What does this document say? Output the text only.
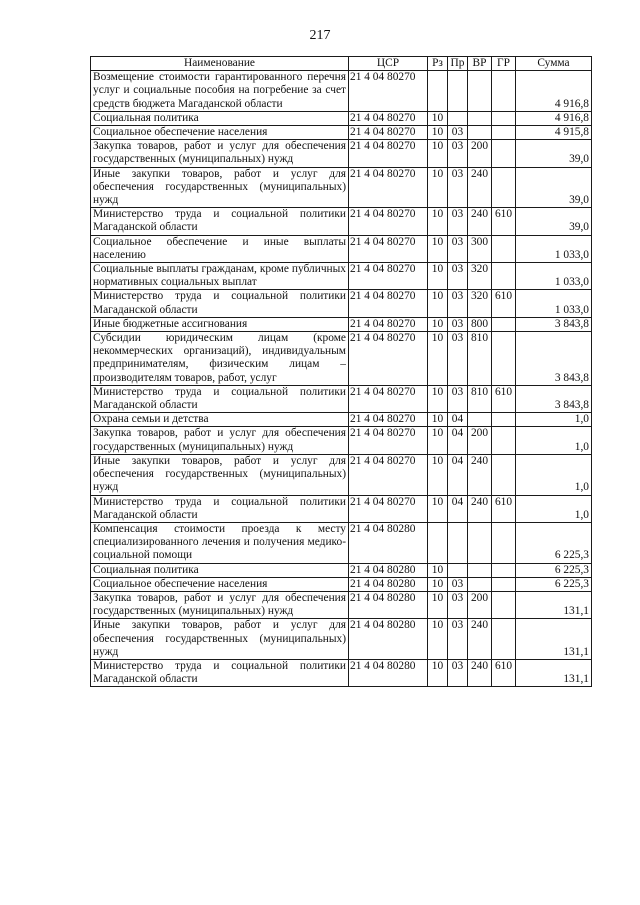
217
Наименование	ЦСР	Рз	Пр	ВР	ГР	Сумма
Возмещение стоимости гарантированного перечня услуг и социальные пособия на погребение за счет средств бюджета Магаданской области	21 4 04 80270					4 916,8
Социальная политика	21 4 04 80270	10				4 916,8
Социальное обеспечение населения	21 4 04 80270	10	03			4 915,8
Закупка товаров, работ и услуг для обеспечения государственных (муниципальных) нужд	21 4 04 80270	10	03	200		39,0
Иные закупки товаров, работ и услуг для обеспечения государственных (муниципальных) нужд	21 4 04 80270	10	03	240		39,0
Министерство труда и социальной политики Магаданской области	21 4 04 80270	10	03	240	610	39,0
Социальное обеспечение и иные выплаты населению	21 4 04 80270	10	03	300		1 033,0
Социальные выплаты гражданам, кроме публичных нормативных социальных выплат	21 4 04 80270	10	03	320		1 033,0
Министерство труда и социальной политики Магаданской области	21 4 04 80270	10	03	320	610	1 033,0
Иные бюджетные ассигнования	21 4 04 80270	10	03	800		3 843,8
Субсидии юридическим лицам (кроме некоммерческих организаций), индивидуальным предпринимателям, физическим лицам – производителям товаров, работ, услуг	21 4 04 80270	10	03	810		3 843,8
Министерство труда и социальной политики Магаданской области	21 4 04 80270	10	03	810	610	3 843,8
Охрана семьи и детства	21 4 04 80270	10	04			1,0
Закупка товаров, работ и услуг для обеспечения государственных (муниципальных) нужд	21 4 04 80270	10	04	200		1,0
Иные закупки товаров, работ и услуг для обеспечения государственных (муниципальных) нужд	21 4 04 80270	10	04	240		1,0
Министерство труда и социальной политики Магаданской области	21 4 04 80270	10	04	240	610	1,0
Компенсация стоимости проезда к месту специализированного лечения и получения медико-социальной помощи	21 4 04 80280					6 225,3
Социальная политика	21 4 04 80280	10				6 225,3
Социальное обеспечение населения	21 4 04 80280	10	03			6 225,3
Закупка товаров, работ и услуг для обеспечения государственных (муниципальных) нужд	21 4 04 80280	10	03	200		131,1
Иные закупки товаров, работ и услуг для обеспечения государственных (муниципальных) нужд	21 4 04 80280	10	03	240		131,1
Министерство труда и социальной политики Магаданской области	21 4 04 80280	10	03	240	610	131,1
